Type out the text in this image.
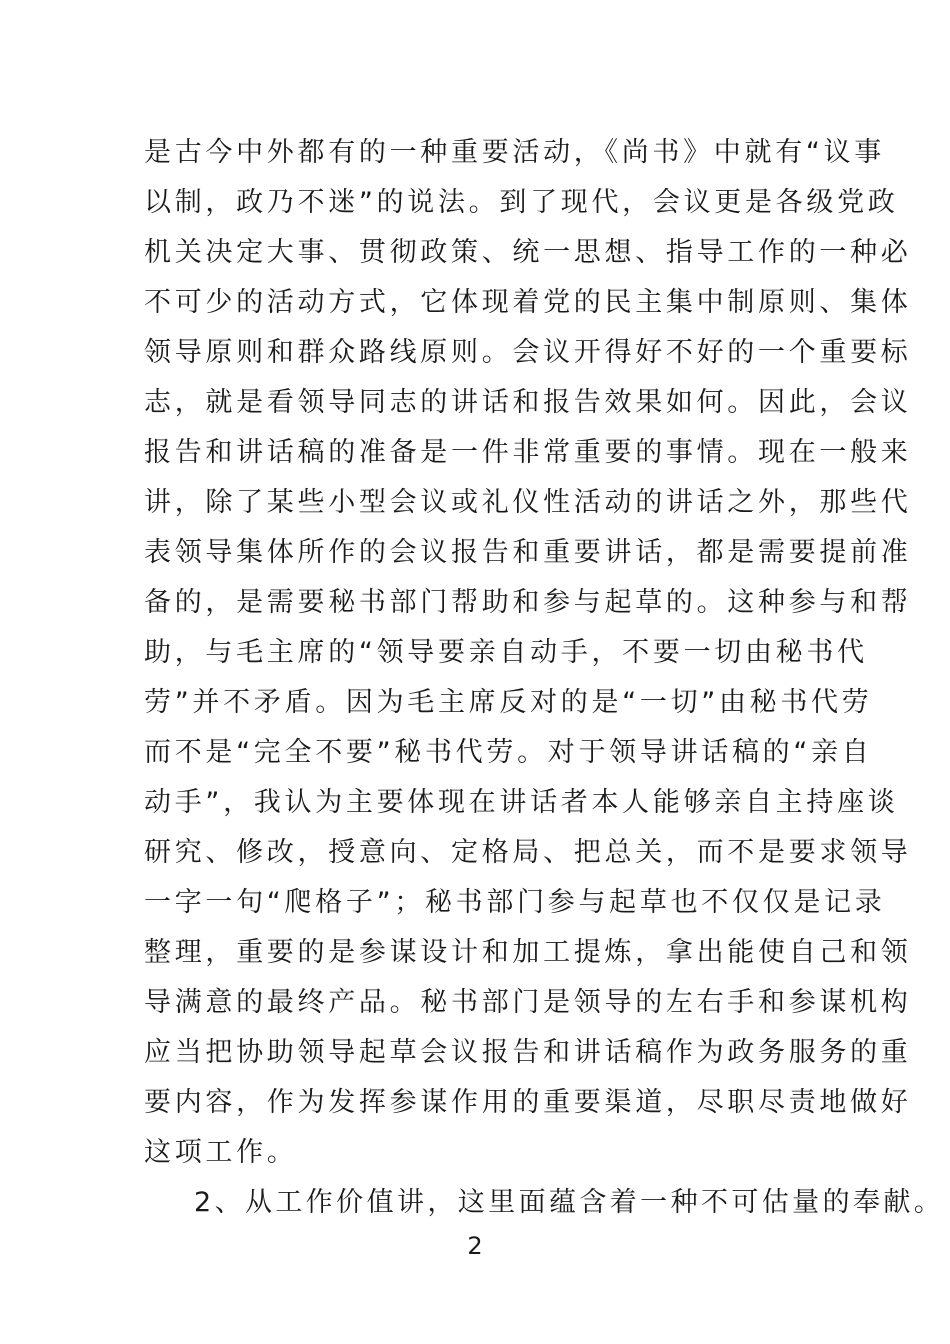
是古今中外都有的一种重要活动，《尚书》中就有“议事
以制，政乃不迷”的说法。到了现代，会议更是各级党政
机关决定大事、贯彻政策、统一思想、指导工作的一种必
不可少的活动方式，它体现着党的民主集中制原则、集体
领导原则和群众路线原则。会议开得好不好的一个重要标
志，就是看领导同志的讲话和报告效果如何。因此，会议
报告和讲话稿的准备是一件非常重要的事情。现在一般来
讲，除了某些小型会议或礼仪性活动的讲话之外，那些代
表领导集体所作的会议报告和重要讲话，都是需要提前准
备的，是需要秘书部门帮助和参与起草的。这种参与和帮
助，与毛主席的“领导要亲自动手，不要一切由秘书代
劳”并不矛盾。因为毛主席反对的是“一切”由秘书代劳
而不是“完全不要”秘书代劳。对于领导讲话稿的“亲自
动手”，我认为主要体现在讲话者本人能够亲自主持座谈
研究、修改，授意向、定格局、把总关，而不是要求领导
一字一句“爬格子”；秘书部门参与起草也不仅仅是记录
整理，重要的是参谋设计和加工提炼，拿出能使自己和领
导满意的最终产品。秘书部门是领导的左右手和参谋机构
应当把协助领导起草会议报告和讲话稿作为政务服务的重
要内容，作为发挥参谋作用的重要渠道，尽职尽责地做好
这项工作。
2、从工作价值讲，这里面蕴含着一种不可估量的奉献。
2
